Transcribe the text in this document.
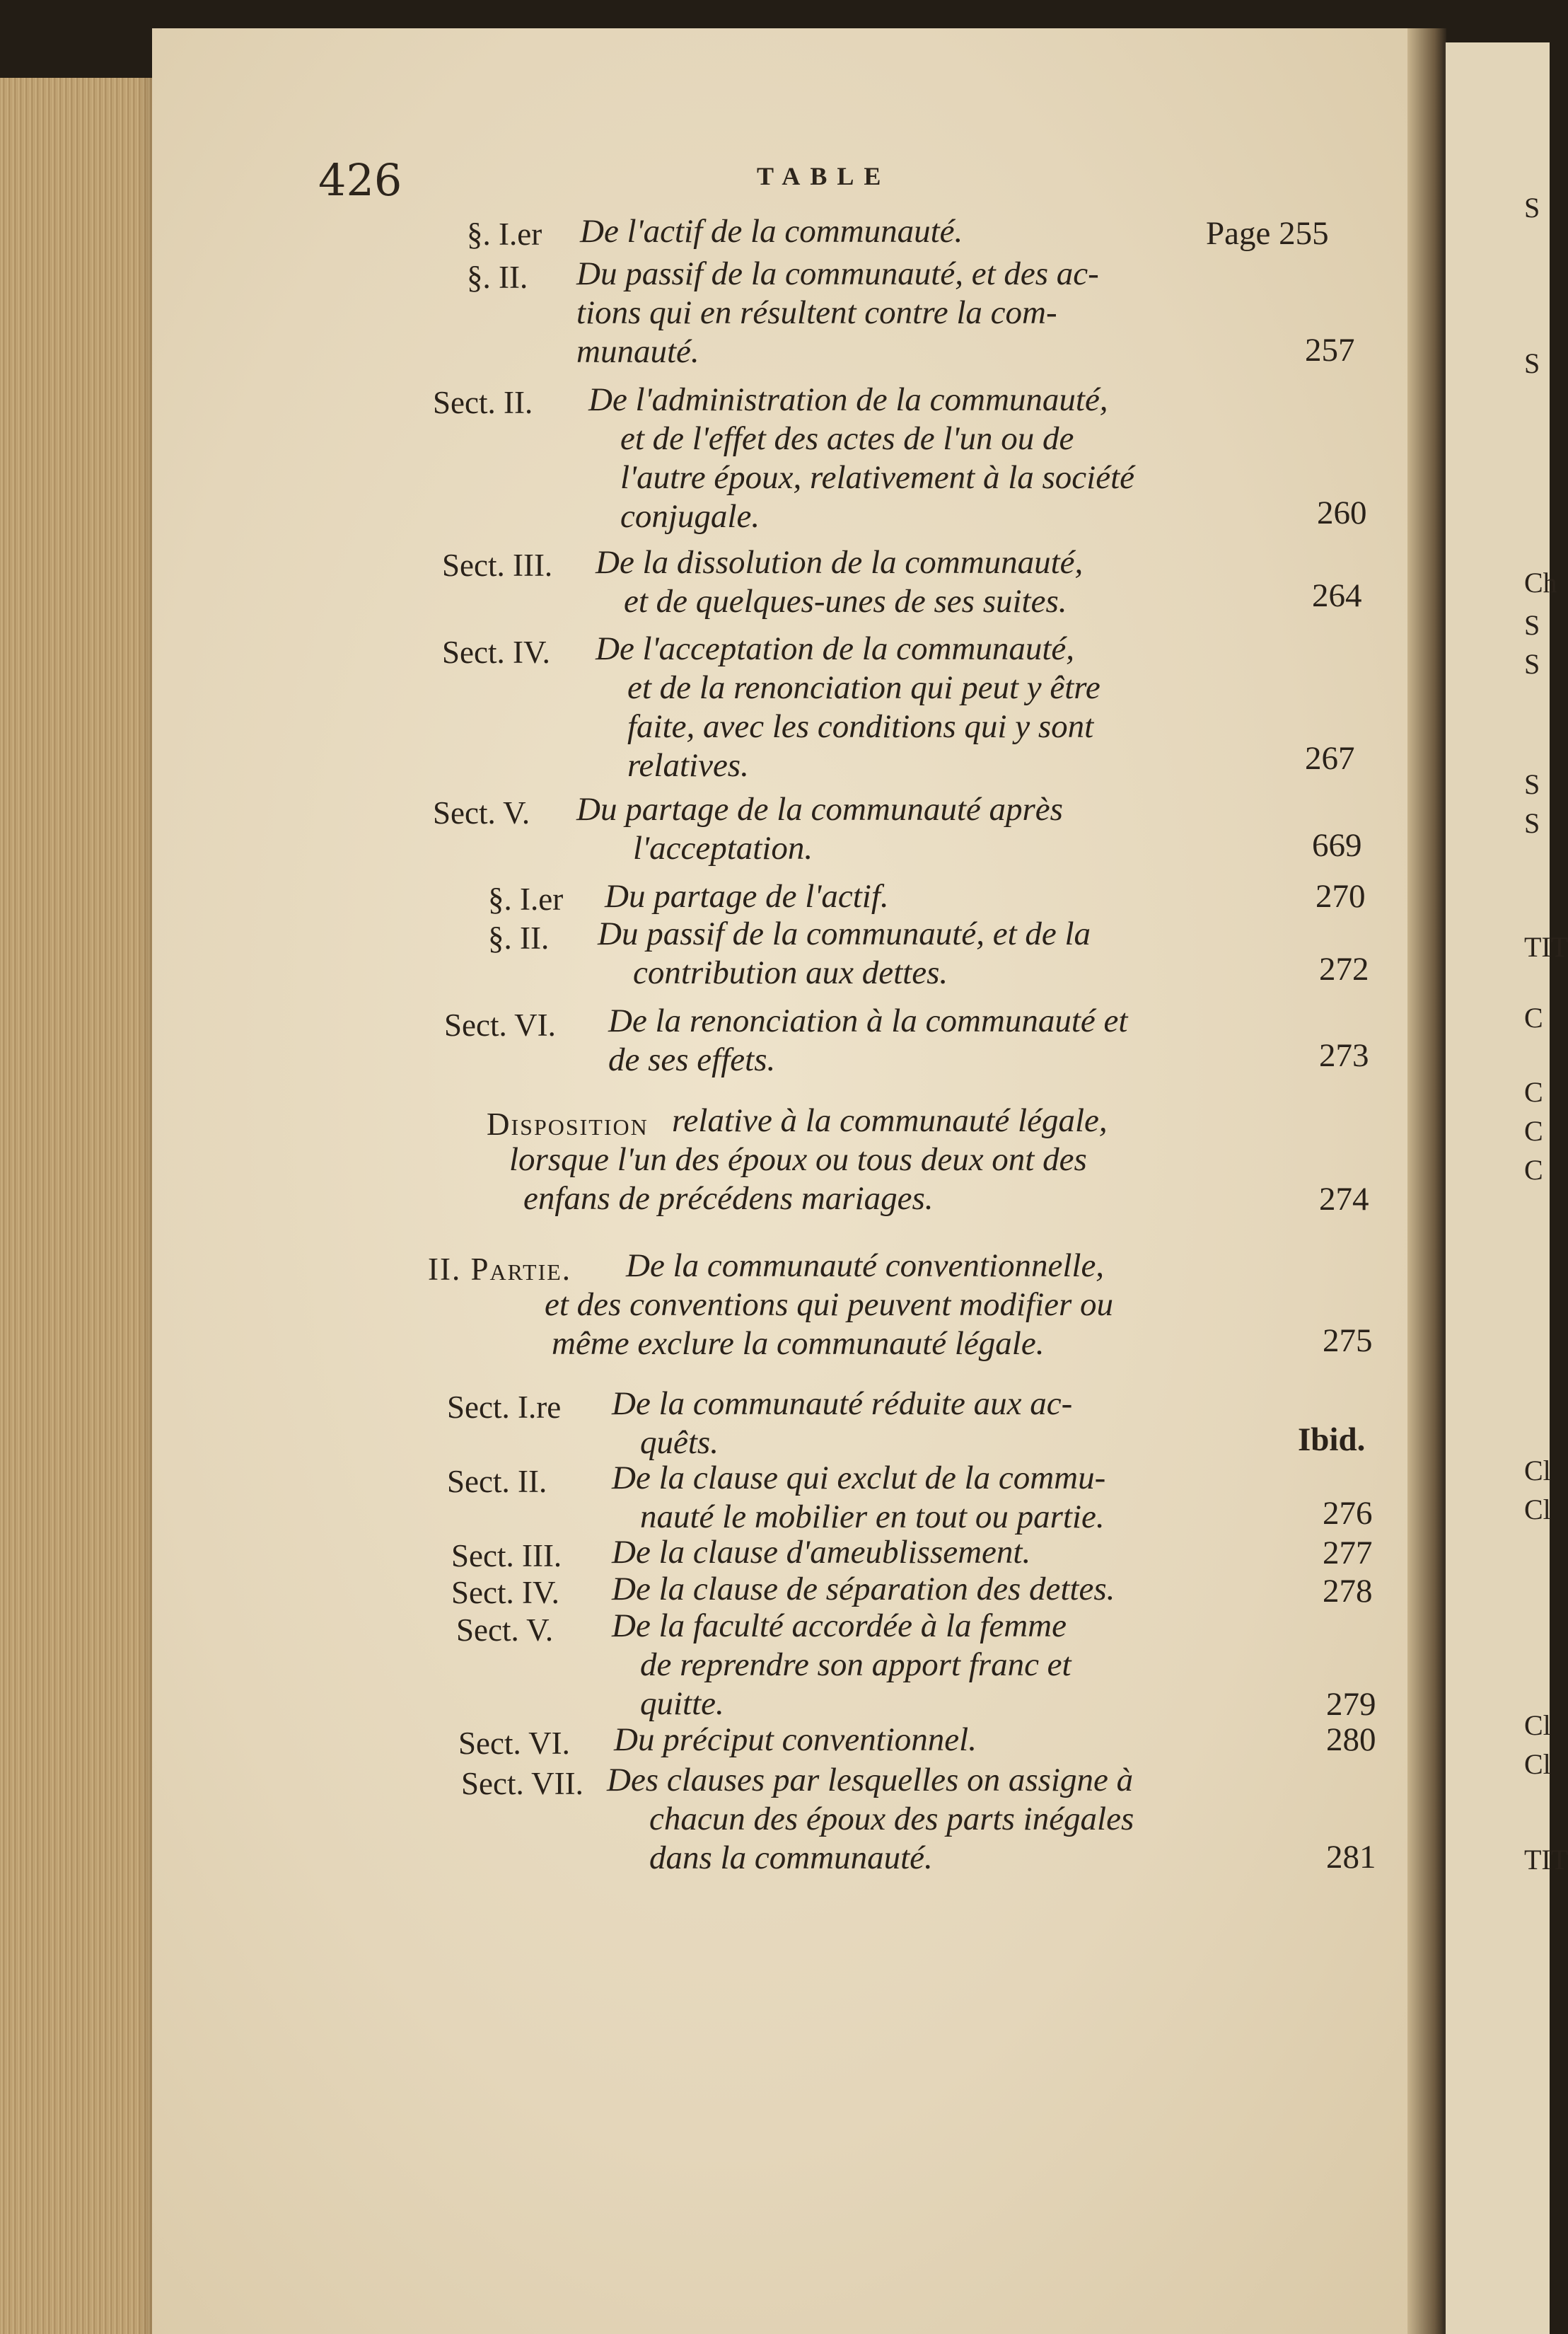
426	TABLE
§. I.er De l'actif de la communauté.	Page 255
§. II. Du passif de la communauté, et des ac-
tions qui en résultent contre la com-
munauté.	257
Sect. II. De l'administration de la communauté,
et de l'effet des actes de l'un ou de
l'autre époux, relativement à la société
conjugale.	260
Sect. III. De la dissolution de la communauté,
et de quelques-unes de ses suites.	264
Sect. IV. De l'acceptation de la communauté,
et de la renonciation qui peut y être
faite, avec les conditions qui y sont
relatives.	267
Sect. V. Du partage de la communauté après
l'acceptation.	669
§. I.er Du partage de l'actif.	270
§. II. Du passif de la communauté, et de la
contribution aux dettes.	272
Sect. VI. De la renonciation à la communauté et
de ses effets.	273
Disposition relative à la communauté légale,
lorsque l'un des époux ou tous deux ont des
enfans de précédens mariages.	274
II. Partie.	De la communauté conventionnelle,
et des conventions qui peuvent modifier ou
même exclure la communauté légale.	275
Sect. I.re De la communauté réduite aux ac-
quêts.	Ibid.
Sect. II. De la clause qui exclut de la commu-
nauté le mobilier en tout ou partie.	276
Sect. III. De la clause d'ameublissement.	277
Sect. IV. De la clause de séparation des dettes.	278
Sect. V. De la faculté accordée à la femme
de reprendre son apport franc et
quitte.	279
Sect. VI. Du préciput conventionnel.	280
Sect. VII. Des clauses par lesquelles on assigne à
chacun des époux des parts inégales
dans la communauté.	281
S
S
Ch
S
S
S
S
TIT
C
C
C
C
Cl
Cl
Cl
Cl
TIT
